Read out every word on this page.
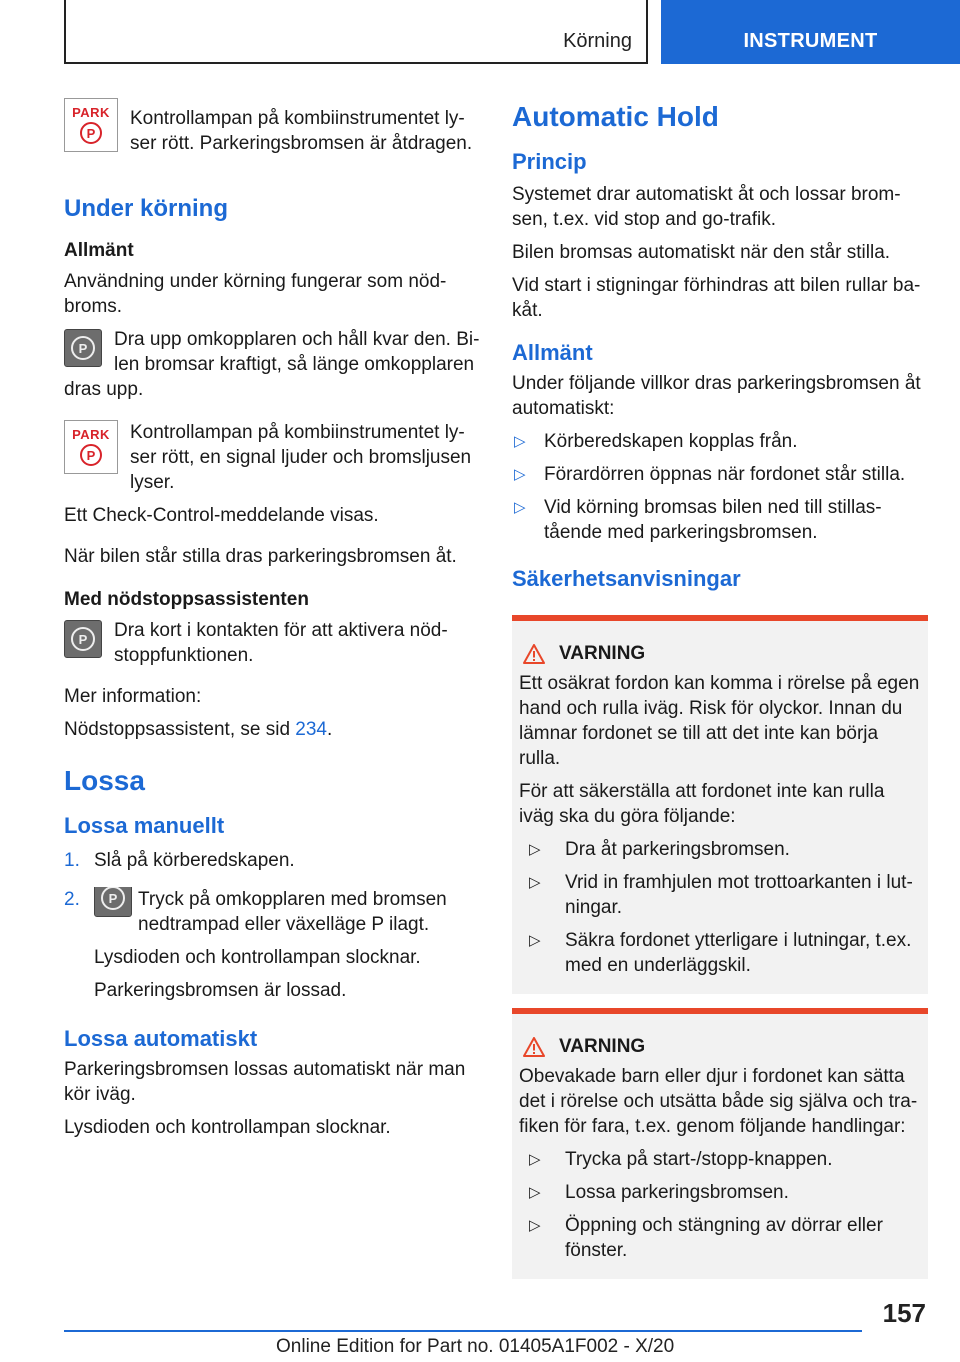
Körning	INSTRUMENT
PARK
P

Kontrollampan på kombiinstrumentet ly-ser rött. Parkeringsbromsen är åtdragen.

Under körning
Allmänt

Användning under körning fungerar som nöd-broms.

P	Dra upp omkopplaren och håll kvar den. Bi-len bromsar kraftigt, så länge omkopplaren dras upp.

PARK
P

Kontrollampan på kombiinstrumentet ly-ser rött, en signal ljuder och bromsljusen lyser.

Ett Check-Control-meddelande visas.

När bilen står stilla dras parkeringsbromsen åt.

Med nödstoppsassistenten
P	Dra kort i kontakten för att aktivera nöd-stoppfunktionen.

Mer information:

Nödstoppsassistent, se sid 234.

Lossa
Lossa manuellt
1. Slå på körberedskapen.
2.	P	Tryck på omkopplaren med bromsen nedtrampad eller växelläge P ilagt.

Lysdioden och kontrollampan slocknar.

Parkeringsbromsen är lossad.

Lossa automatiskt

Parkeringsbromsen lossas automatiskt när man kör iväg.

Lysdioden och kontrollampan slocknar.

Automatic Hold
Princip

Systemet drar automatiskt åt och lossar brom-sen, t.ex. vid stop and go-trafik.

Bilen bromsas automatiskt när den står stilla.

Vid start i stigningar förhindras att bilen rullar ba-kåt.

Allmänt

Under följande villkor dras parkeringsbromsen åt automatiskt:

▷ Körberedskapen kopplas från.
▷ Förardörren öppnas när fordonet står stilla.
▷ Vid körning bromsas bilen ned till stillas-tående med parkeringsbromsen.
Säkerhetsanvisningar
VARNING

Ett osäkrat fordon kan komma i rörelse på egen hand och rulla iväg. Risk för olyckor. Innan du lämnar fordonet se till att det inte kan börja rulla.

För att säkerställa att fordonet inte kan rulla iväg ska du göra följande:

▷	Dra åt parkeringsbromsen.
▷	Vrid in framhjulen mot trottoarkanten i lut-ningar.
▷	Säkra fordonet ytterligare i lutningar, t.ex. med en underläggskil.
VARNING

Obevakade barn eller djur i fordonet kan sätta det i rörelse och utsätta både sig själva och tra-fiken för fara, t.ex. genom följande handlingar:

▷	Trycka på start-/stopp-knappen.
▷	Lossa parkeringsbromsen.
▷	Öppning och stängning av dörrar eller fönster.
157
Online Edition for Part no. 01405A1F002 - X/20
